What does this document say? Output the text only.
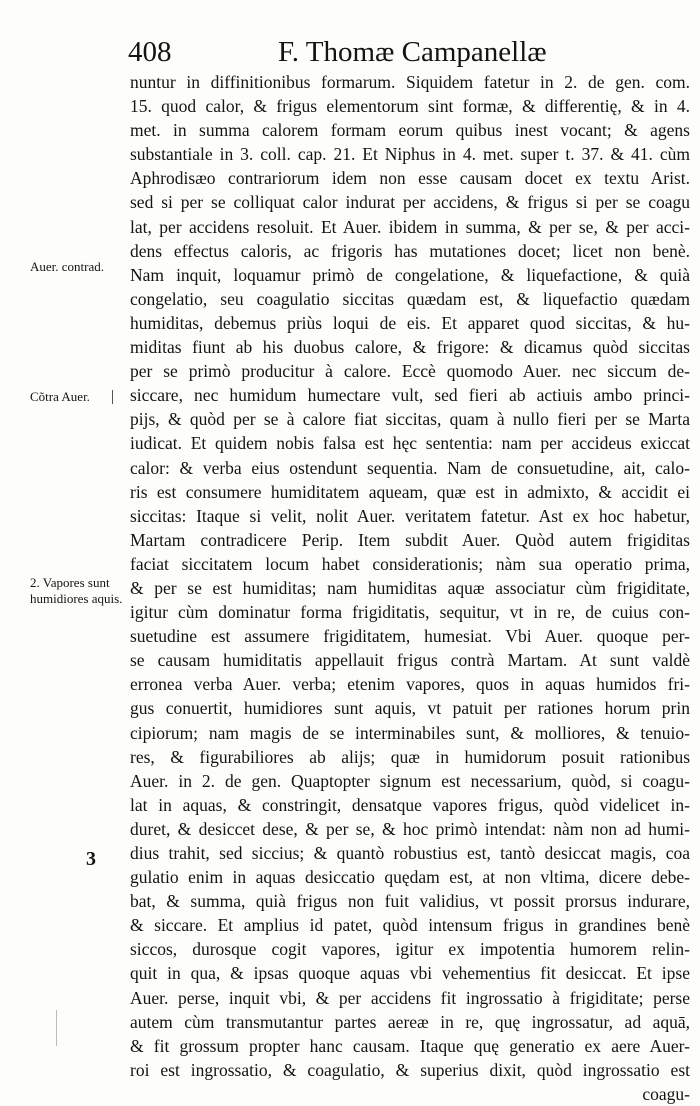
408	F. Thomæ Campanellæ
Auer. contrad.
Cõtra Auer.
2. Vapores sunt humidiores aquis.
3
nuntur in diffinitionibus formarum. Siquidem fatetur in 2. de gen. com.
15. quod calor, & frigus elementorum sint formæ, & differentię, & in 4.
met. in summa calorem formam eorum quibus inest vocant; & agens
substantiale in 3. coll. cap. 21. Et Niphus in 4. met. super t. 37. & 41. cùm
Aphrodisæo contrariorum idem non esse causam docet ex textu Arist.
sed si per se colliquat calor indurat per accidens, & frigus si per se coagu
lat, per accidens resoluit. Et Auer. ibidem in summa, & per se, & per acci-
dens effectus caloris, ac frigoris has mutationes docet; licet non benè.
Nam inquit, loquamur primò de congelatione, & liquefactione, & quià
congelatio, seu coagulatio siccitas quædam est, & liquefactio quædam
humiditas, debemus priùs loqui de eis. Et apparet quod siccitas, & hu-
miditas fiunt ab his duobus calore, & frigore: & dicamus quòd siccitas
per se primò producitur à calore. Eccè quomodo Auer. nec siccum de-
siccare, nec humidum humectare vult, sed fieri ab actiuis ambo princi-
pijs, & quòd per se à calore fiat siccitas, quam à nullo fieri per se Marta
iudicat. Et quidem nobis falsa est hęc sententia: nam per accideus exiccat
calor: & verba eius ostendunt sequentia. Nam de consuetudine, ait, calo-
ris est consumere humiditatem aqueam, quæ est in admixto, & accidit ei
siccitas: Itaque si velit, nolit Auer. veritatem fatetur. Ast ex hoc habetur,
Martam contradicere Perip. Item subdit Auer. Quòd autem frigiditas
faciat siccitatem locum habet considerationis; nàm sua operatio prima,
& per se est humiditas; nam humiditas aquæ associatur cùm frigiditate,
igitur cùm dominatur forma frigiditatis, sequitur, vt in re, de cuius con-
suetudine est assumere frigiditatem, humesiat. Vbi Auer. quoque per-
se causam humiditatis appellauit frigus contrà Martam. At sunt valdè
erronea verba Auer. verba; etenim vapores, quos in aquas humidos fri-
gus conuertit, humidiores sunt aquis, vt patuit per rationes horum prin
cipiorum; nam magis de se interminabiles sunt, & molliores, & tenuio-
res, & figurabiliores ab alijs; quæ in humidorum posuit rationibus
Auer. in 2. de gen. Quaptopter signum est necessarium, quòd, si coagu-
lat in aquas, & constringit, densatque vapores frigus, quòd videlicet in-
duret, & desiccet dese, & per se, & hoc primò intendat: nàm non ad humi-
dius trahit, sed siccius; & quantò robustius est, tantò desiccat magis, coa
gulatio enim in aquas desiccatio quędam est, at non vltima, dicere debe-
bat, & summa, quià frigus non fuit validius, vt possit prorsus indurare,
& siccare. Et amplius id patet, quòd intensum frigus in grandines benè
siccos, durosque cogit vapores, igitur ex impotentia humorem relin-
quit in qua, & ipsas quoque aquas vbi vehementius fit desiccat. Et ipse
Auer. perse, inquit vbi, & per accidens fit ingrossatio à frigiditate; perse
autem cùm transmutantur partes aereæ in re, quę ingrossatur, ad aquā,
& fit grossum propter hanc causam. Itaque quę generatio ex aere Auer-
roi est ingrossatio, & coagulatio, & superius dixit, quòd ingrossatio est
coagu-
